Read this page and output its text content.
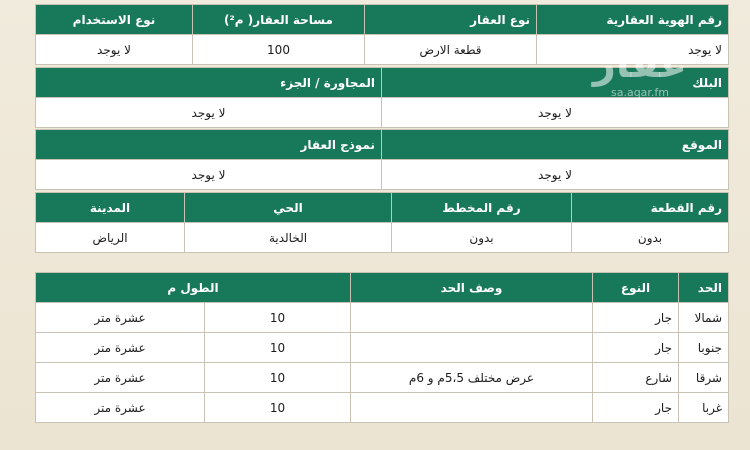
رقم الهوية العقارية	نوع العقار	مساحة العقار( م²)	نوع الاستخدام
لا يوجد	قطعة الارض	100	لا يوجد
البلك	المجاورة / الجزء
لا يوجد	لا يوجد
الموقع	نموذج العقار
لا يوجد	لا يوجد
رقم القطعة	رقم المخطط	الحي	المدينة
بدون	بدون	الخالدية	الرياض
الحد	النوع	وصف الحد	الطول م	
شمالا	جار		10	عشرة متر
جنوبا	جار		10	عشرة متر
شرقا	شارع	عرض مختلف 5،5م و 6م	10	عشرة متر
غربا	جار		10	عشرة متر
عقار
sa.aqar.fm
